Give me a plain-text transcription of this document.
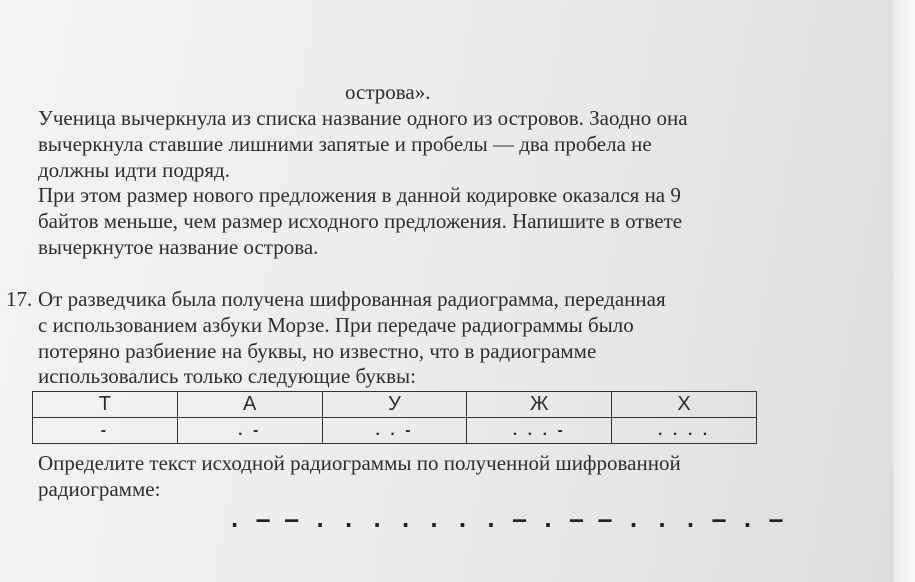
острова».
Ученица вычеркнула из списка название одного из островов. Заодно она
вычеркнула ставшие лишними запятые и пробелы — два пробела не
должны идти подряд.
При этом размер нового предложения в данной кодировке оказался на 9
байтов меньше, чем размер исходного предложения. Напишите в ответе
вычеркнутое название острова.
17. От разведчика была получена шифрованная радиограмма, переданная
с использованием азбуки Морзе. При передаче радиограммы было
потеряно разбиение на буквы, но известно, что в радиограмме
использовались только следующие буквы:
Т	А	У	Ж	Х
-	. -	. . -	. . . -	. . . .
Определите текст исходной радиограммы по полученной шифрованной
радиограмме:
. – – . . . . . . . – . – – . . . – . –
